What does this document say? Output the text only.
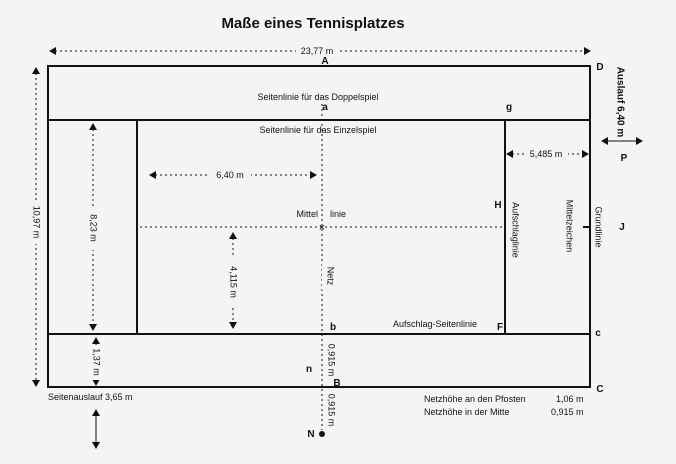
Maße eines Tennisplatzes
×
23,77 m
10,97 m	8,23 m
4,115 m
1,37 m
6,40 m
5,485 m
Auslauf 6,40 m
Seitenauslauf 3,65 m
0,915 m
0,915 m
Seitenlinie für das Doppelspiel
Seitenlinie für das Einzelspiel
Mittel linie
Netz
Aufschlag-Seitenlinie
Aufschlaglinie	Mittelzeichen Grundlinie
A
a	g
D
P
H
J
b	F
c
n
B
C
N
Netzhöhe an den Pfosten	1,06 m
Netzhöhe in der Mitte	0,915 m
